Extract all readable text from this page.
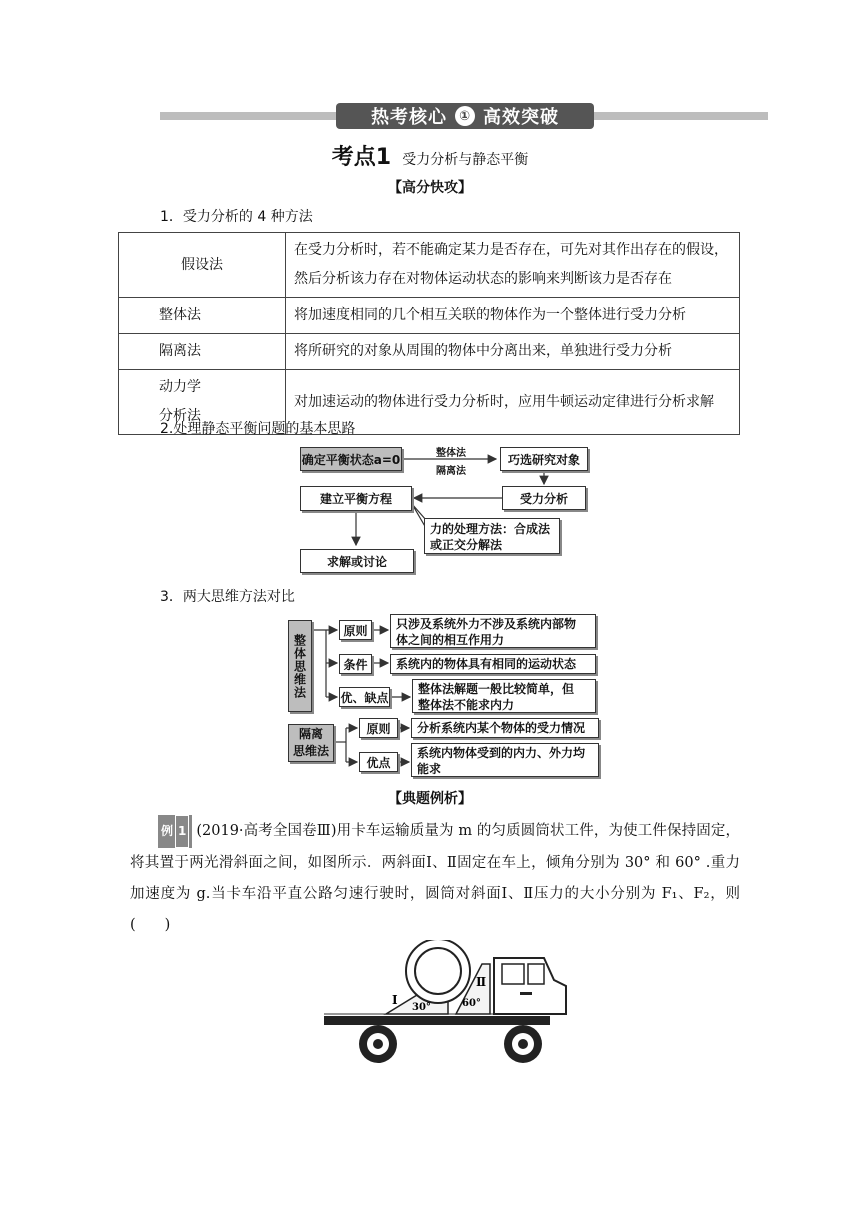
热考核心 ① 高效突破
考点1 受力分析与静态平衡
【高分快攻】
1．受力分析的 4 种方法
假设法	在受力分析时，若不能确定某力是否存在，可先对其作出存在的假设，然后分析该力存在对物体运动状态的影响来判断该力是否存在
整体法	将加速度相同的几个相互关联的物体作为一个整体进行受力分析
隔离法	将所研究的对象从周围的物体中分离出来，单独进行受力分析

动力学
分析法	对加速运动的物体进行受力分析时，应用牛顿运动定律进行分析求解
2.处理静态平衡问题的基本思路
确定平衡状态a=0	整体法
隔离法
巧选研究对象
受力分析
建立平衡方程
力的处理方法：合成法
或正交分解法
求解或讨论
3．两大思维方法对比
整体思维法
原则	只涉及系统外力不涉及系统内部物
体之间的相互作用力
条件	系统内的物体具有相同的运动状态
优、缺点
整体法解题一般比较简单，但
整体法不能求内力
隔离
思维法
原则	分析系统内某个物体的受力情况
优点
系统内物体受到的内力、外力均
能求
【典题例析】
例 1 (2019·高考全国卷Ⅲ)用卡车运输质量为 m 的匀质圆筒状工件，为使工件保持固定，将其置于两光滑斜面之间，如图所示．两斜面Ⅰ、Ⅱ固定在车上，倾角分别为 30° 和 60° .重力加速度为 g.当卡车沿平直公路匀速行驶时，圆筒对斜面Ⅰ、Ⅱ压力的大小分别为 F₁、F₂，则(　　)
Ⅰ
Ⅱ
30°	60°
